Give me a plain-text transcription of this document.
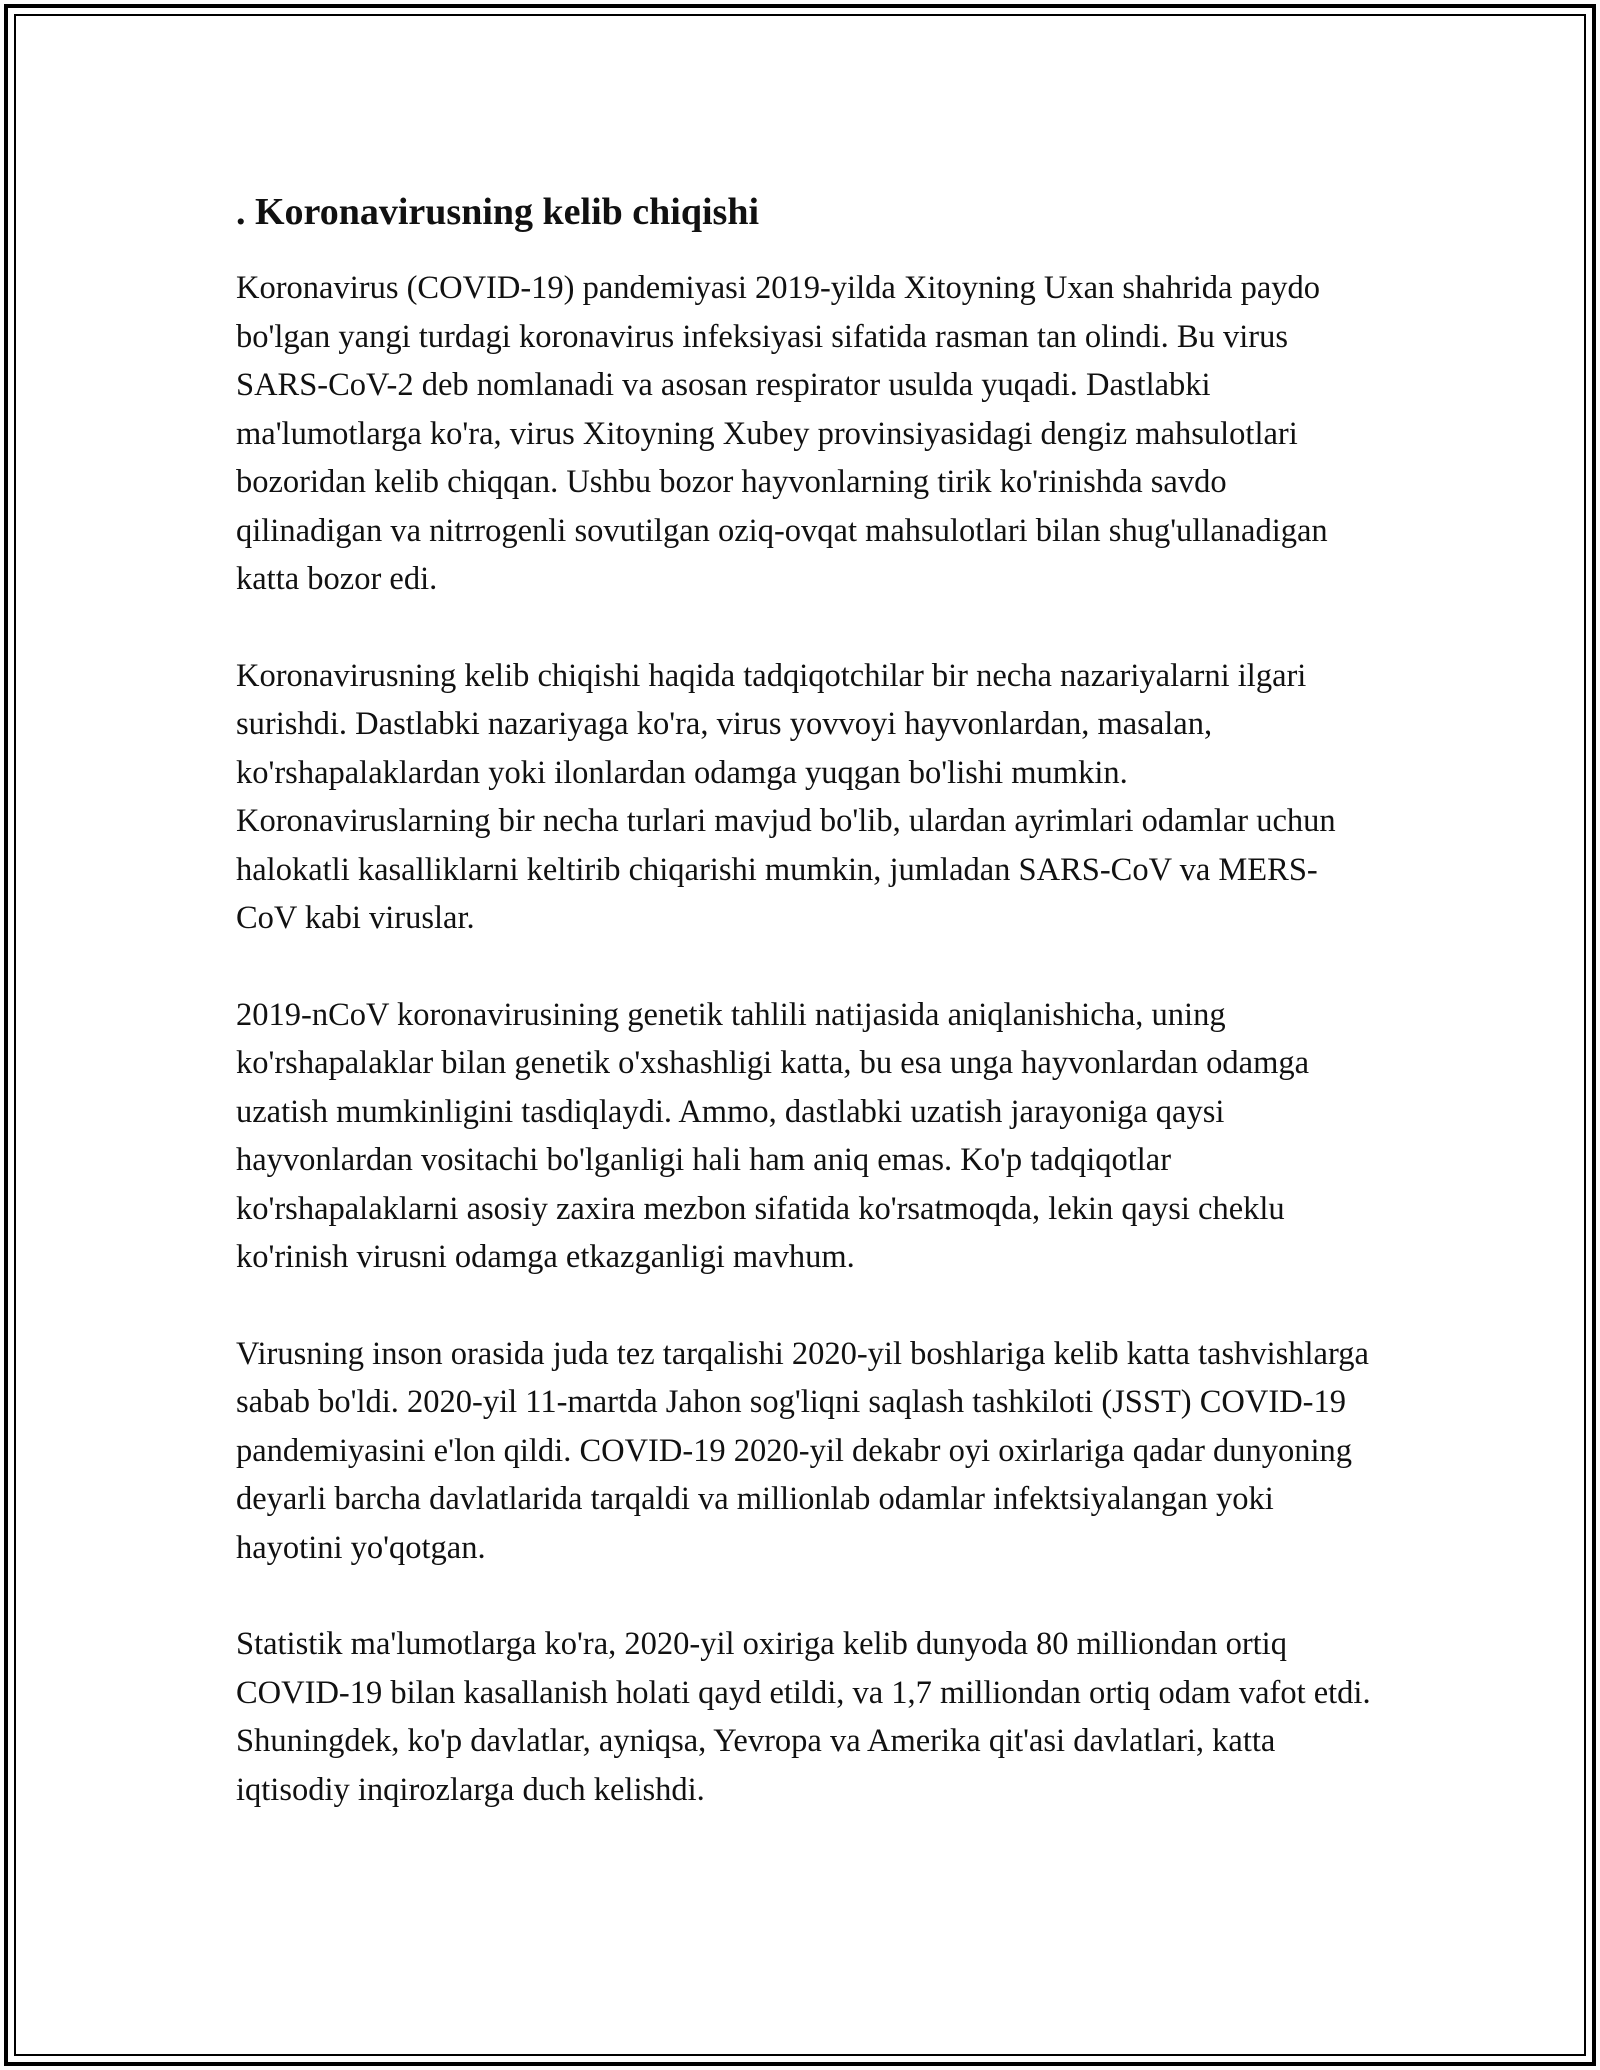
. Koronavirusning kelib chiqishi

Koronavirus (COVID-19) pandemiyasi 2019-yilda Xitoyning Uxan shahrida paydo bo'lgan yangi turdagi koronavirus infeksiyasi sifatida rasman tan olindi. Bu virus SARS-CoV-2 deb nomlanadi va asosan respirator usulda yuqadi. Dastlabki ma'lumotlarga ko'ra, virus Xitoyning Xubey provinsiyasidagi dengiz mahsulotlari bozoridan kelib chiqqan. Ushbu bozor hayvonlarning tirik ko'rinishda savdo qilinadigan va nitrrogenli sovutilgan oziq-ovqat mahsulotlari bilan shug'ullanadigan katta bozor edi.

Koronavirusning kelib chiqishi haqida tadqiqotchilar bir necha nazariyalarni ilgari surishdi. Dastlabki nazariyaga ko'ra, virus yovvoyi hayvonlardan, masalan, ko'rshapalaklardan yoki ilonlardan odamga yuqgan bo'lishi mumkin. Koronaviruslarning bir necha turlari mavjud bo'lib, ulardan ayrimlari odamlar uchun halokatli kasalliklarni keltirib chiqarishi mumkin, jumladan SARS-CoV va MERS-CoV kabi viruslar.

2019-nCoV koronavirusining genetik tahlili natijasida aniqlanishicha, uning ko'rshapalaklar bilan genetik o'xshashligi katta, bu esa unga hayvonlardan odamga uzatish mumkinligini tasdiqlaydi. Ammo, dastlabki uzatish jarayoniga qaysi hayvonlardan vositachi bo'lganligi hali ham aniq emas. Ko'p tadqiqotlar ko'rshapalaklarni asosiy zaxira mezbon sifatida ko'rsatmoqda, lekin qaysi cheklu ko'rinish virusni odamga etkazganligi mavhum.

Virusning inson orasida juda tez tarqalishi 2020-yil boshlariga kelib katta tashvishlarga sabab bo'ldi. 2020-yil 11-martda Jahon sog'liqni saqlash tashkiloti (JSST) COVID-19 pandemiyasini e'lon qildi. COVID-19 2020-yil dekabr oyi oxirlariga qadar dunyoning deyarli barcha davlatlarida tarqaldi va millionlab odamlar infektsiyalangan yoki hayotini yo'qotgan.

Statistik ma'lumotlarga ko'ra, 2020-yil oxiriga kelib dunyoda 80 milliondan ortiq COVID-19 bilan kasallanish holati qayd etildi, va 1,7 milliondan ortiq odam vafot etdi. Shuningdek, ko'p davlatlar, ayniqsa, Yevropa va Amerika qit'asi davlatlari, katta iqtisodiy inqirozlarga duch kelishdi.
